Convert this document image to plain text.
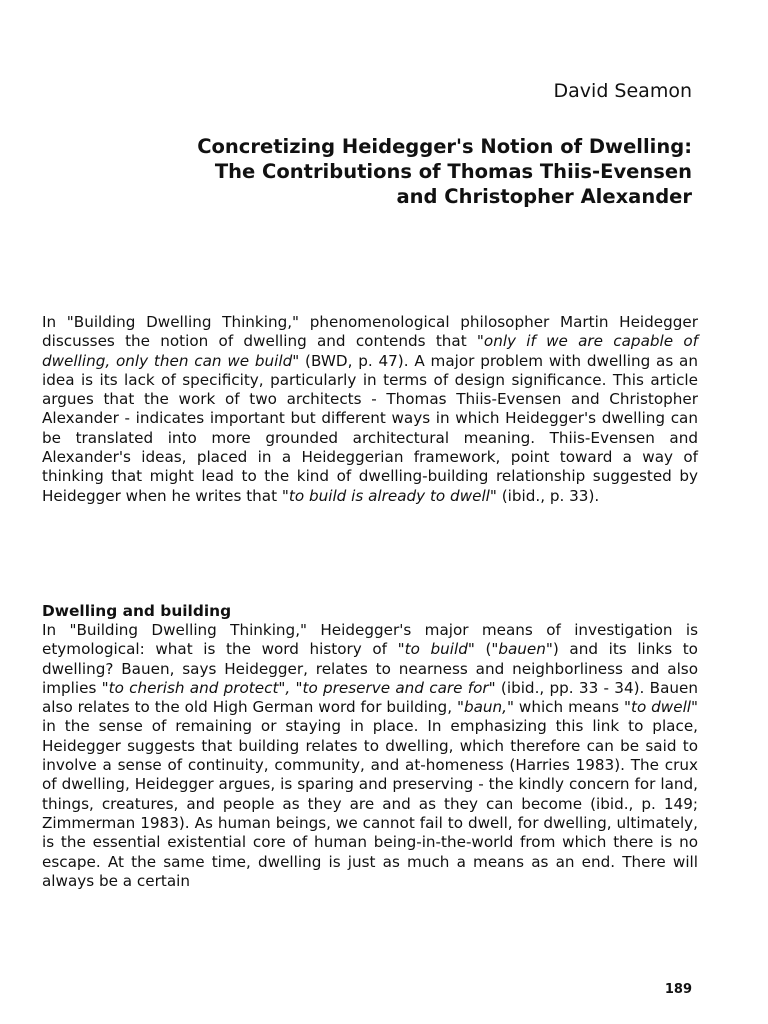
David Seamon

Concretizing Heidegger's Notion of Dwelling:
The Contributions of Thomas Thiis-Evensen
and Christopher Alexander

In "Building Dwelling Thinking," phenomenological philosopher Martin Heidegger discusses the notion of dwelling and contends that "only if we are capable of dwelling, only then can we build" (BWD, p. 47). A major problem with dwelling as an idea is its lack of specificity, particularly in terms of design significance. This article argues that the work of two architects - Thomas Thiis-Evensen and Christopher Alexander - indicates important but different ways in which Heidegger's dwelling can be translated into more grounded architectural meaning. Thiis-Evensen and Alexander's ideas, placed in a Heideggerian framework, point toward a way of thinking that might lead to the kind of dwelling-building relationship suggested by Heidegger when he writes that "to build is already to dwell" (ibid., p. 33).

Dwelling and building

In "Building Dwelling Thinking," Heidegger's major means of investigation is etymological: what is the word history of "to build" ("bauen") and its links to dwelling? Bauen, says Heidegger, relates to nearness and neighborliness and also implies "to cherish and protect", "to preserve and care for" (ibid., pp. 33 - 34). Bauen also relates to the old High German word for building, "baun," which means "to dwell" in the sense of remaining or staying in place. In emphasizing this link to place, Heidegger suggests that building relates to dwelling, which therefore can be said to involve a sense of continuity, community, and at-homeness (Harries 1983). The crux of dwelling, Heidegger argues, is sparing and preserving - the kindly concern for land, things, creatures, and people as they are and as they can become (ibid., p. 149; Zimmerman 1983). As human beings, we cannot fail to dwell, for dwelling, ultimately, is the essential existential core of human being-in-the-world from which there is no escape. At the same time, dwelling is just as much a means as an end. There will always be a certain

189
